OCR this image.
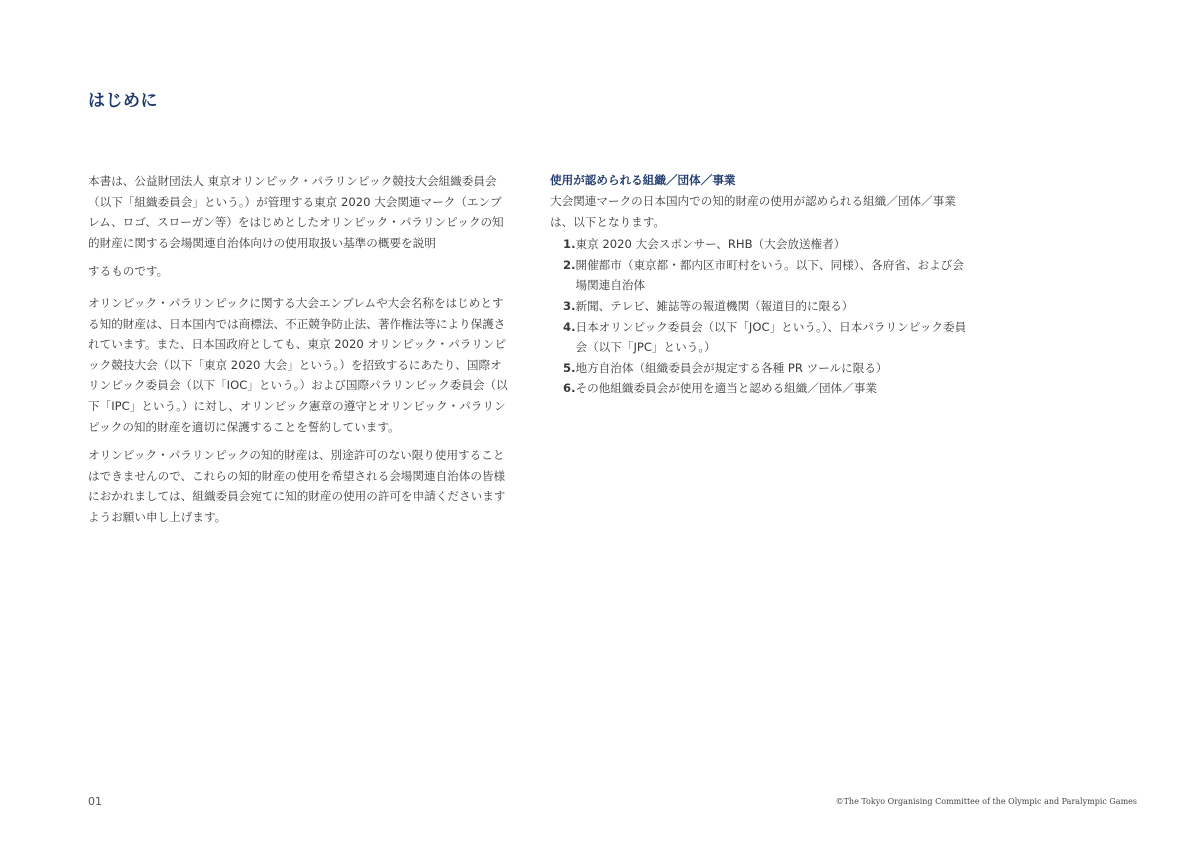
はじめに

本書は、公益財団法人 東京オリンピック・パラリンピック競技大会組織委員会（以下「組織委員会」という。）が管理する東京 2020 大会関連マーク（エンブレム、ロゴ、スローガン等）をはじめとしたオリンピック・パラリンピックの知的財産に関する会場関連自治体向けの使用取扱い基準の概要を説明

するものです。

オリンピック・パラリンピックに関する大会エンブレムや大会名称をはじめとする知的財産は、日本国内では商標法、不正競争防止法、著作権法等により保護されています。また、日本国政府としても、東京 2020 オリンピック・パラリンピック競技大会（以下「東京 2020 大会」という。）を招致するにあたり、国際オリンピック委員会（以下「IOC」という。）および国際パラリンピック委員会（以下「IPC」という。）に対し、オリンピック憲章の遵守とオリンピック・パラリンピックの知的財産を適切に保護することを誓約しています。

オリンピック・パラリンピックの知的財産は、別途許可のない限り使用することはできませんので、これらの知的財産の使用を希望される会場関連自治体の皆様におかれましては、組織委員会宛てに知的財産の使用の許可を申請くださいますようお願い申し上げます。

使用が認められる組織／団体／事業
大会関連マークの日本国内での知的財産の使用が認められる組織／団体／事業は、以下となります。
1. 東京 2020 大会スポンサー、RHB（大会放送権者）
2. 開催都市（東京都・都内区市町村をいう。以下、同様）、各府省、および会場関連自治体
3. 新聞、テレビ、雑誌等の報道機関（報道目的に限る）
4. 日本オリンピック委員会（以下「JOC」という。）、日本パラリンピック委員会（以下「JPC」という。）
5. 地方自治体（組織委員会が規定する各種 PR ツールに限る）
6. その他組織委員会が使用を適当と認める組織／団体／事業
01	©The Tokyo Organising Committee of the Olympic and Paralympic Games
